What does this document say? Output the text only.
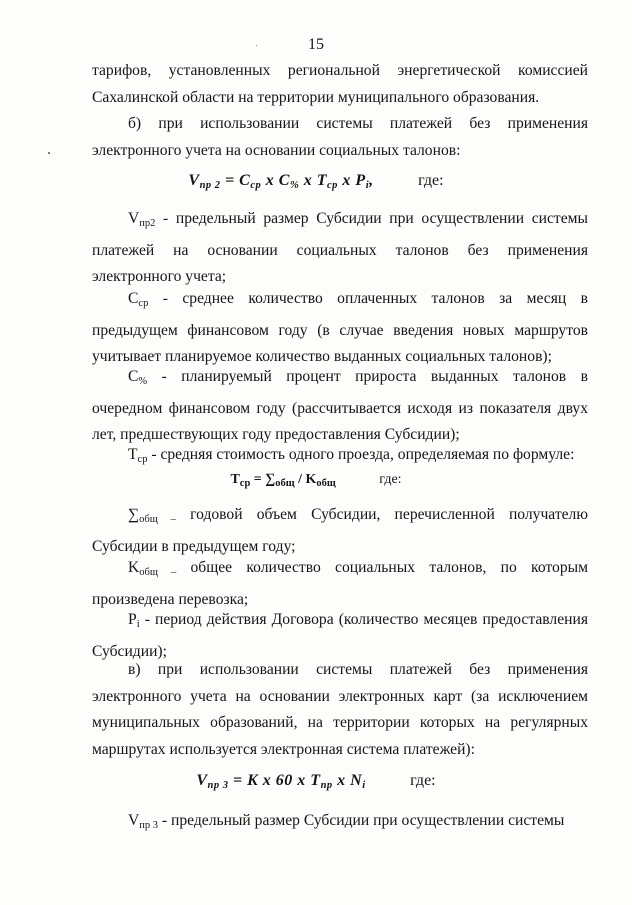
15

тарифов, установленных региональной энергетической комиссией Сахалинской области на территории муниципального образования.

б) при использовании системы платежей без применения электронного учета на основании социальных талонов:

$V_{пр 2} = C_{ср}$ x $C_{\%}$ x $T_{ср}$ x $P_i$,	где:

$V_{пр2}$ - предельный размер Субсидии при осуществлении системы платежей на основании социальных талонов без применения электронного учета;

$C_{ср}$ - среднее количество оплаченных талонов за месяц в предыдущем финансовом году (в случае введения новых маршрутов учитывает планируемое количество выданных социальных талонов);

$C_{\%}$ - планируемый процент прироста выданных талонов в очередном финансовом году (рассчитывается исходя из показателя двух лет, предшествующих году предоставления Субсидии);

$T_{ср}$ - средняя стоимость одного проезда, определяемая по формуле:

$T_{ср} = \sum_{общ} / K_{общ}$	где:

$\sum_{общ -}$ годовой объем Субсидии, перечисленной получателю Субсидии в предыдущем году;

$K_{общ -}$ общее количество социальных талонов, по которым произведена перевозка;

$P_i$ - период действия Договора (количество месяцев предоставления Субсидии);

в) при использовании системы платежей без применения электронного учета на основании электронных карт (за исключением муниципальных образований, на территории которых на регулярных маршрутах используется электронная система платежей):

$V_{пр 3} = K$ x 60 x $T_{пр}$ x $N_i$	где:

$V_{пр 3}$ - предельный размер Субсидии при осуществлении системы
